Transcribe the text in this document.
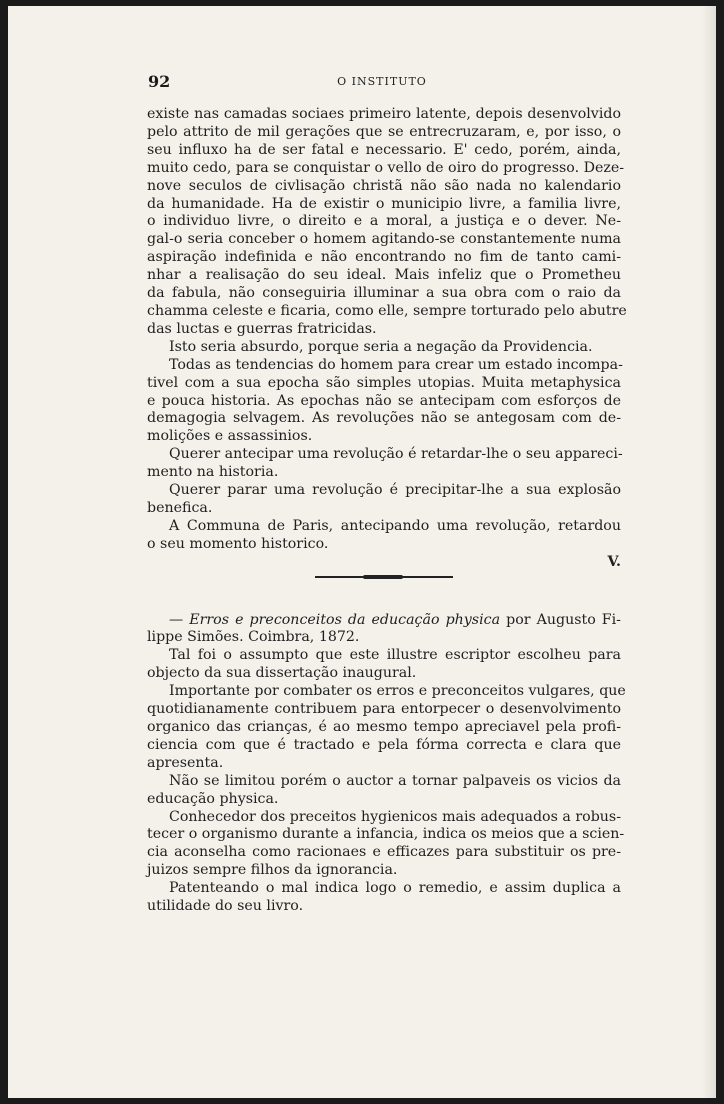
92	O INSTITUTO
existe nas camadas sociaes primeiro latente, depois desenvolvido
pelo attrito de mil gerações que se entrecruzaram, e, por isso, o
seu influxo ha de ser fatal e necessario. E' cedo, porém, ainda,
muito cedo, para se conquistar o vello de oiro do progresso. Deze-
nove seculos de civlisação christã não são nada no kalendario
da humanidade. Ha de existir o municipio livre, a familia livre,
o individuo livre, o direito e a moral, a justiça e o dever. Ne-
gal-o seria conceber o homem agitando-se constantemente numa
aspiração indefinida e não encontrando no fim de tanto cami-
nhar a realisação do seu ideal. Mais infeliz que o Prometheu
da fabula, não conseguiria illuminar a sua obra com o raio da
chamma celeste e ficaria, como elle, sempre torturado pelo abutre
das luctas e guerras fratricidas.
Isto seria absurdo, porque seria a negação da Providencia.
Todas as tendencias do homem para crear um estado incompa-
tivel com a sua epocha são simples utopias. Muita metaphysica
e pouca historia. As epochas não se antecipam com esforços de
demagogia selvagem. As revoluções não se antegosam com de-
molições e assassinios.
Querer antecipar uma revolução é retardar-lhe o seu appareci-
mento na historia.
Querer parar uma revolução é precipitar-lhe a sua explosão
benefica.
A Communa de Paris, antecipando uma revolução, retardou
o seu momento historico.
V.
— Erros e preconceitos da educação physica por Augusto Fi-
lippe Simões. Coimbra, 1872.
Tal foi o assumpto que este illustre escriptor escolheu para
objecto da sua dissertação inaugural.
Importante por combater os erros e preconceitos vulgares, que
quotidianamente contribuem para entorpecer o desenvolvimento
organico das crianças, é ao mesmo tempo apreciavel pela profi-
ciencia com que é tractado e pela fórma correcta e clara que
apresenta.
Não se limitou porém o auctor a tornar palpaveis os vicios da
educação physica.
Conhecedor dos preceitos hygienicos mais adequados a robus-
tecer o organismo durante a infancia, indica os meios que a scien-
cia aconselha como racionaes e efficazes para substituir os pre-
juizos sempre filhos da ignorancia.
Patenteando o mal indica logo o remedio, e assim duplica a
utilidade do seu livro.
